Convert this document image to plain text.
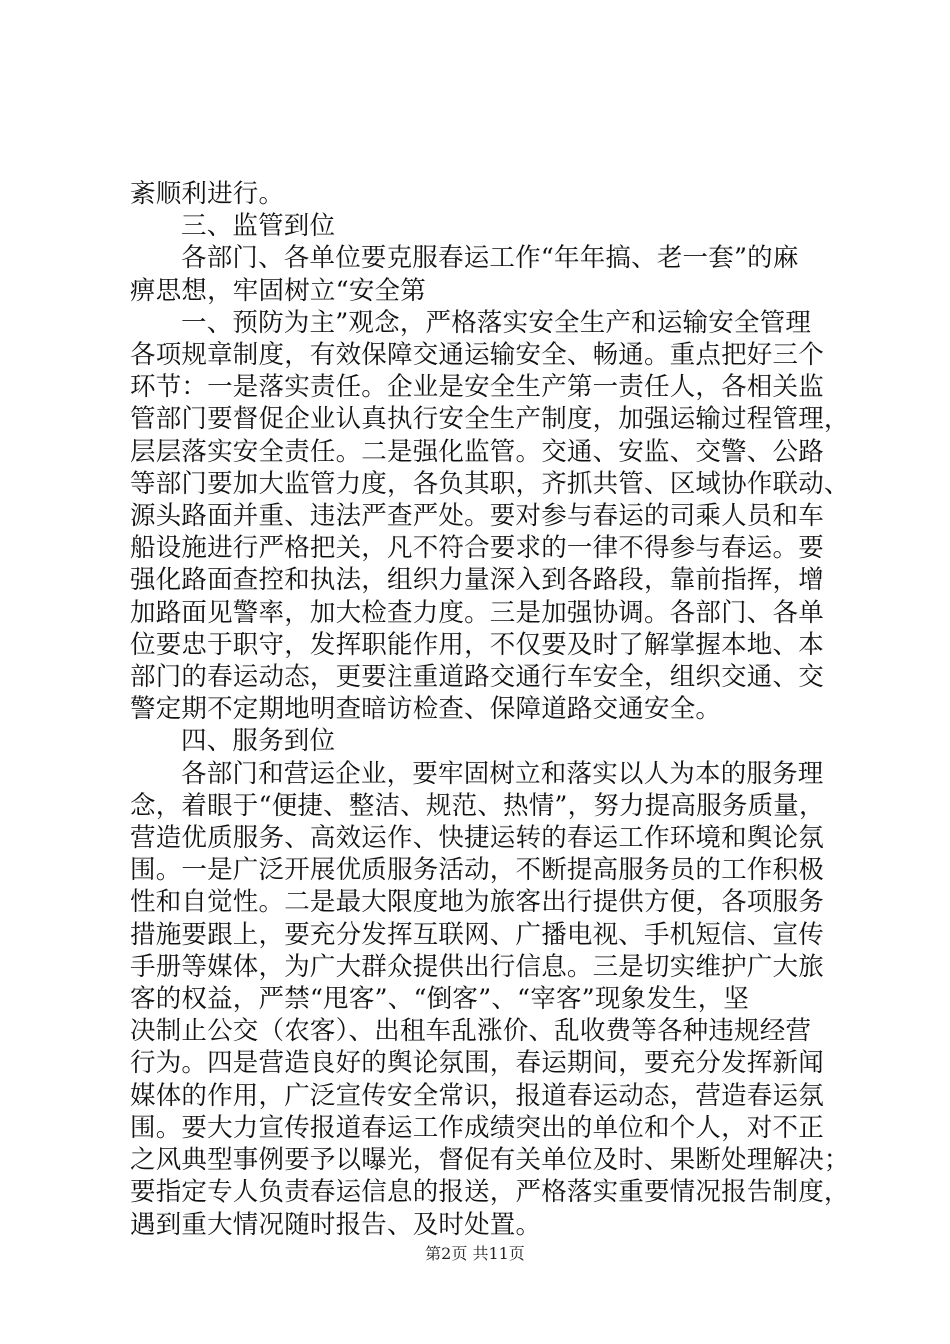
紊顺利进行。
三、监管到位
各部门、各单位要克服春运工作“年年搞、老一套”的麻
痹思想，牢固树立“安全第
一、预防为主”观念，严格落实安全生产和运输安全管理
各项规章制度，有效保障交通运输安全、畅通。重点把好三个
环节：一是落实责任。企业是安全生产第一责任人，各相关监
管部门要督促企业认真执行安全生产制度，加强运输过程管理，
层层落实安全责任。二是强化监管。交通、安监、交警、公路
等部门要加大监管力度，各负其职，齐抓共管、区域协作联动、
源头路面并重、违法严查严处。要对参与春运的司乘人员和车
船设施进行严格把关，凡不符合要求的一律不得参与春运。要
强化路面查控和执法，组织力量深入到各路段，靠前指挥，增
加路面见警率，加大检查力度。三是加强协调。各部门、各单
位要忠于职守，发挥职能作用，不仅要及时了解掌握本地、本
部门的春运动态，更要注重道路交通行车安全，组织交通、交
警定期不定期地明查暗访检查、保障道路交通安全。
四、服务到位
各部门和营运企业，要牢固树立和落实以人为本的服务理
念，着眼于“便捷、整洁、规范、热情”，努力提高服务质量，
营造优质服务、高效运作、快捷运转的春运工作环境和舆论氛
围。一是广泛开展优质服务活动，不断提高服务员的工作积极
性和自觉性。二是最大限度地为旅客出行提供方便，各项服务
措施要跟上，要充分发挥互联网、广播电视、手机短信、宣传
手册等媒体，为广大群众提供出行信息。三是切实维护广大旅
客的权益，严禁“甩客”、“倒客”、“宰客”现象发生，坚
决制止公交（农客）、出租车乱涨价、乱收费等各种违规经营
行为。四是营造良好的舆论氛围，春运期间，要充分发挥新闻
媒体的作用，广泛宣传安全常识，报道春运动态，营造春运氛
围。要大力宣传报道春运工作成绩突出的单位和个人，对不正
之风典型事例要予以曝光，督促有关单位及时、果断处理解决；
要指定专人负责春运信息的报送，严格落实重要情况报告制度，
遇到重大情况随时报告、及时处置。
第2页 共11页
